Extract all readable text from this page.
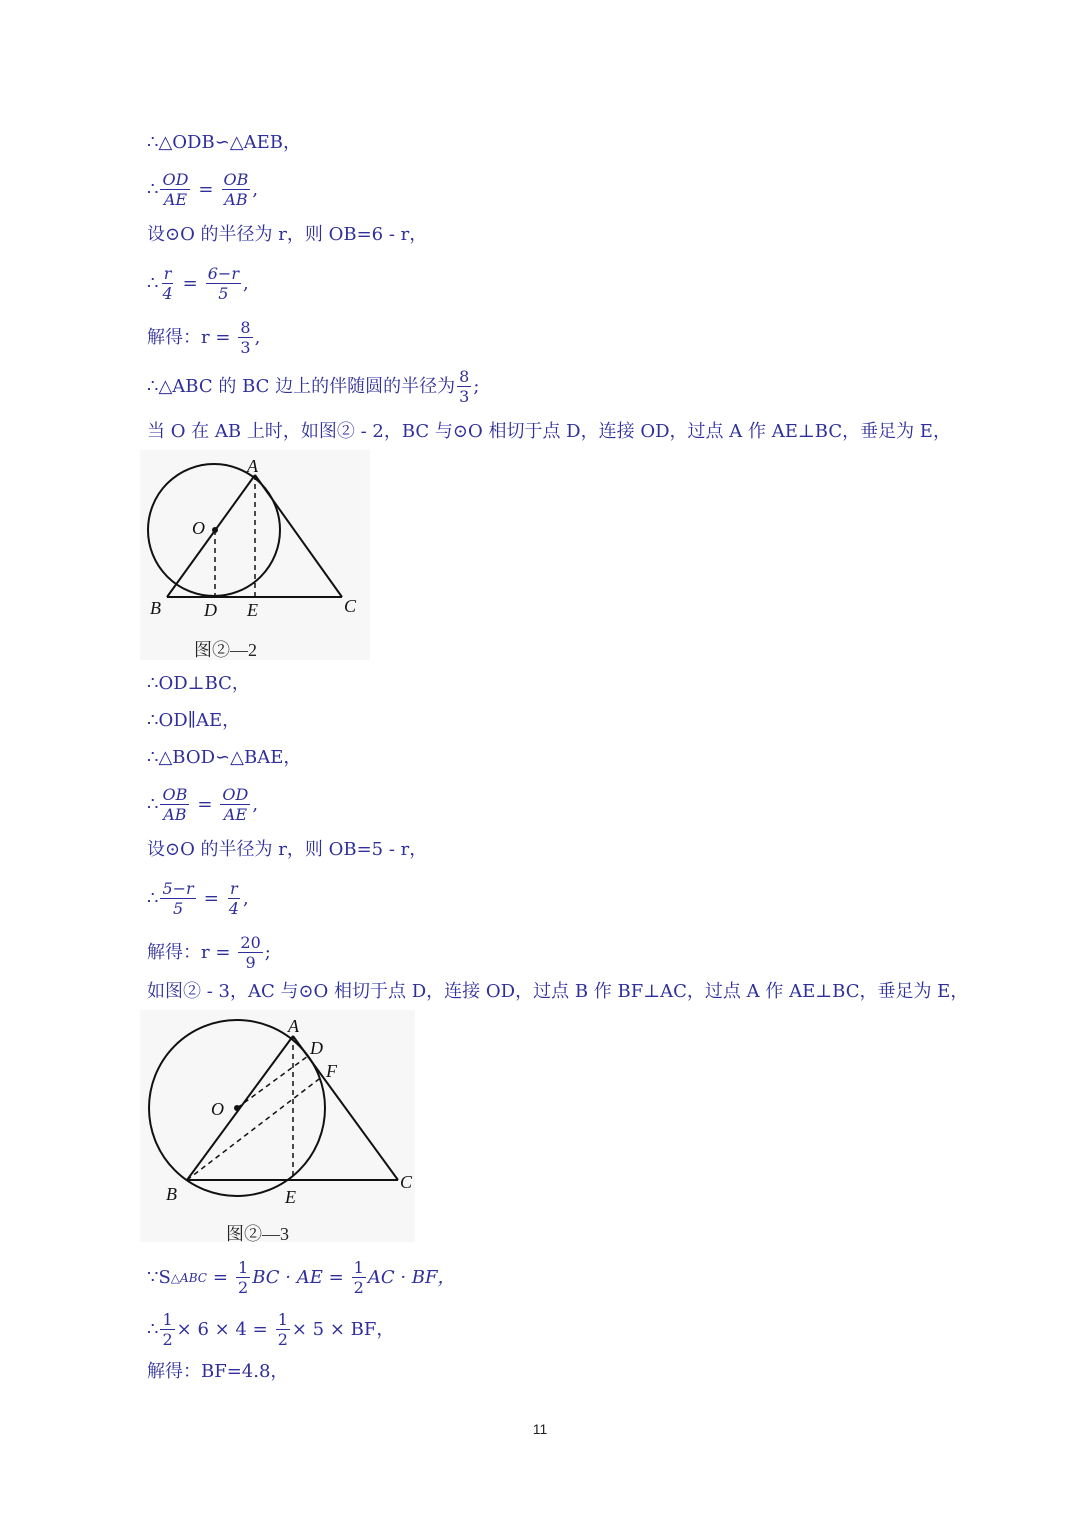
∴△ODB∽△AEB，
∴ $\frac{OD}{AE} = \frac{OB}{AB}$ ,
设⊙O 的半径为 r，则 OB=6 - r，
∴ $\frac{r}{4} = \frac{6-r}{5}$ ,
解得：$r = \frac{8}{3}$ ,
∴△ABC 的 BC 边上的伴随圆的半径为 $\frac{8}{3}$ ;
当 O 在 AB 上时，如图② - 2，BC 与⊙O 相切于点 D，连接 OD，过点 A 作 AE⊥BC，垂足为 E，
A
O
B D E	C
图②—2
∴OD⊥BC，
∴OD∥AE，
∴△BOD∽△BAE，
∴ $\frac{OB}{AB} = \frac{OD}{AE}$ ,
设⊙O 的半径为 r，则 OB=5 - r，
∴ $\frac{5-r}{5} = \frac{r}{4}$ ,
解得：$r = \frac{20}{9}$ ;
如图② - 3，AC 与⊙O 相切于点 D，连接 OD，过点 B 作 BF⊥AC，过点 A 作 AE⊥BC，垂足为 E，
A
D
F
O
B	E
C
图②—3
∵S △ABC = $\frac{1}{2}$ BC · AE = $\frac{1}{2}$ AC · BF，
∴ $\frac{1}{2} \times 6 \times 4 = \frac{1}{2} \times 5$ × BF，
解得：BF=4.8，
11
